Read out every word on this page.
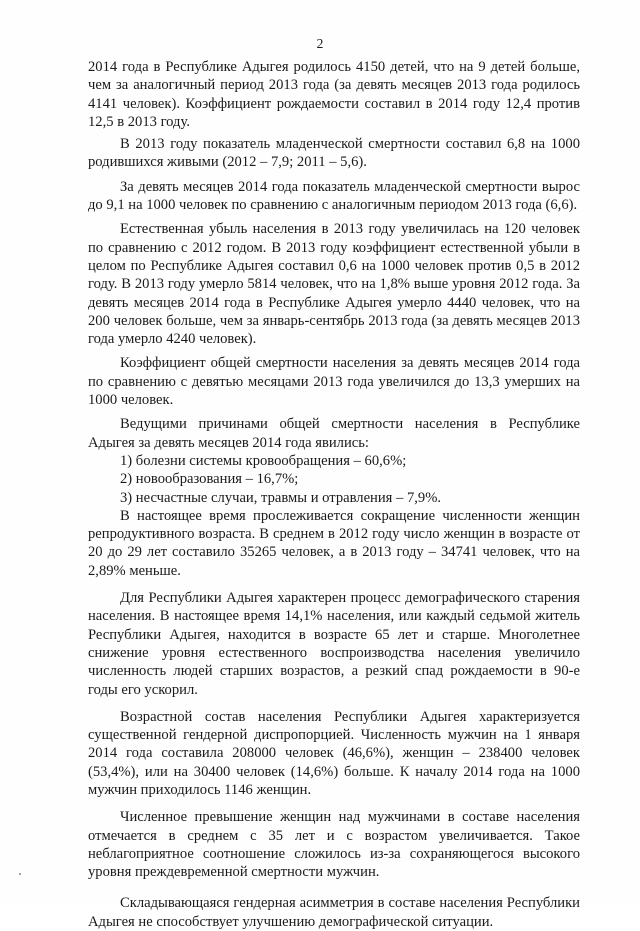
2

2014 года в Республике Адыгея родилось 4150 детей, что на 9 детей больше, чем за аналогичный период 2013 года (за девять месяцев 2013 года родилось 4141 человек). Коэффициент рождаемости составил в 2014 году 12,4 против 12,5 в 2013 году.

В 2013 году показатель младенческой смертности составил 6,8 на 1000 родившихся живыми (2012 – 7,9; 2011 – 5,6).

За девять месяцев 2014 года показатель младенческой смертности вырос до 9,1 на 1000 человек по сравнению с аналогичным периодом 2013 года (6,6).

Естественная убыль населения в 2013 году увеличилась на 120 человек по сравнению с 2012 годом. В 2013 году коэффициент естественной убыли в целом по Республике Адыгея составил 0,6 на 1000 человек против 0,5 в 2012 году. В 2013 году умерло 5814 человек, что на 1,8% выше уровня 2012 года. За девять месяцев 2014 года в Республике Адыгея умерло 4440 человек, что на 200 человек больше, чем за январь-сентябрь 2013 года (за девять месяцев 2013 года умерло 4240 человек).

Коэффициент общей смертности населения за девять месяцев 2014 года по сравнению с девятью месяцами 2013 года увеличился до 13,3 умерших на 1000 человек.

Ведущими причинами общей смертности населения в Республике Адыгея за девять месяцев 2014 года явились:

1) болезни системы кровообращения – 60,6%;

2) новообразования – 16,7%;

3) несчастные случаи, травмы и отравления – 7,9%.

В настоящее время прослеживается сокращение численности женщин репродуктивного возраста. В среднем в 2012 году число женщин в возрасте от 20 до 29 лет составило 35265 человек, а в 2013 году – 34741 человек, что на 2,89% меньше.

Для Республики Адыгея характерен процесс демографического старения населения. В настоящее время 14,1% населения, или каждый седьмой житель Республики Адыгея, находится в возрасте 65 лет и старше. Многолетнее снижение уровня естественного воспроизводства населения увеличило численность людей старших возрастов, а резкий спад рождаемости в 90-е годы его ускорил.

Возрастной состав населения Республики Адыгея характеризуется существенной гендерной диспропорцией. Численность мужчин на 1 января 2014 года составила 208000 человек (46,6%), женщин – 238400 человек (53,4%), или на 30400 человек (14,6%) больше. К началу 2014 года на 1000 мужчин приходилось 1146 женщин.

Численное превышение женщин над мужчинами в составе населения отмечается в среднем с 35 лет и с возрастом увеличивается. Такое неблагоприятное соотношение сложилось из-за сохраняющегося высокого уровня преждевременной смертности мужчин.

Складывающаяся гендерная асимметрия в составе населения Республики Адыгея не способствует улучшению демографической ситуации.
